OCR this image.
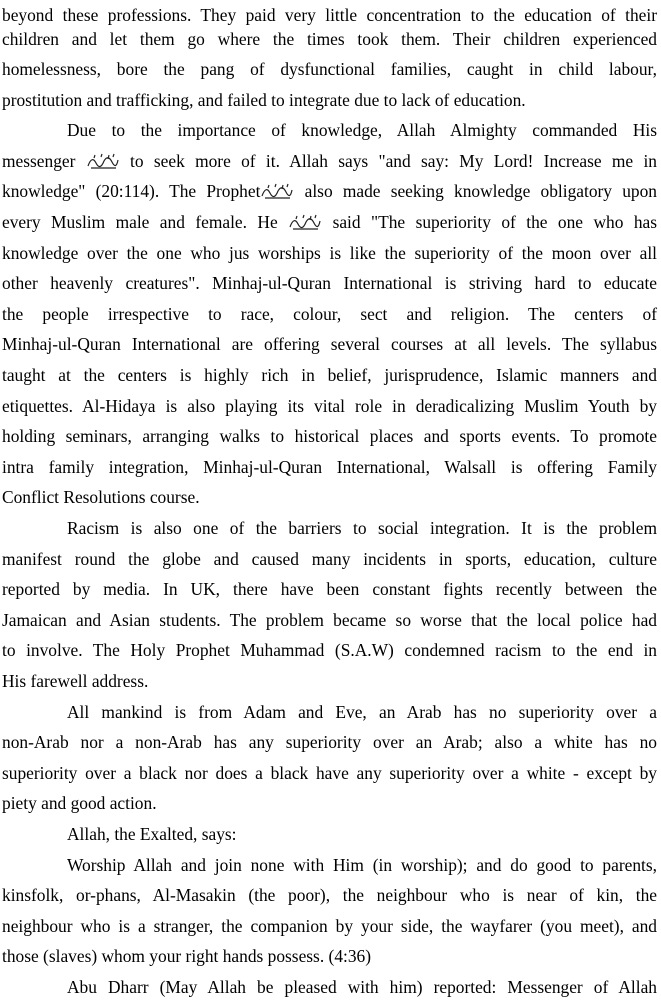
beyond these professions. They paid very little concentration to the education of their
children and let them go where the times took them. Their children experienced
homelessness, bore the pang of dysfunctional families, caught in child labour,
prostitution and trafficking, and failed to integrate due to lack of education.
Due to the importance of knowledge, Allah Almighty commanded His
messenger	to seek more of it. Allah says "and say: My Lord! Increase me in
knowledge" (20:114). The Prophet also made seeking knowledge obligatory upon
every Muslim male and female. He	said "The superiority of the one who has
knowledge over the one who jus worships is like the superiority of the moon over all
other heavenly creatures". Minhaj-ul-Quran International is striving hard to educate
the people irrespective to race, colour, sect and religion. The centers of
Minhaj-ul-Quran International are offering several courses at all levels. The syllabus
taught at the centers is highly rich in belief, jurisprudence, Islamic manners and
etiquettes. Al-Hidaya is also playing its vital role in deradicalizing Muslim Youth by
holding seminars, arranging walks to historical places and sports events. To promote
intra family integration, Minhaj-ul-Quran International, Walsall is offering Family
Conflict Resolutions course.
Racism is also one of the barriers to social integration. It is the problem
manifest round the globe and caused many incidents in sports, education, culture
reported by media. In UK, there have been constant fights recently between the
Jamaican and Asian students. The problem became so worse that the local police had
to involve. The Holy Prophet Muhammad (S.A.W) condemned racism to the end in
His farewell address.
All mankind is from Adam and Eve, an Arab has no superiority over a
non-Arab nor a non-Arab has any superiority over an Arab; also a white has no
superiority over a black nor does a black have any superiority over a white - except by
piety and good action.
Allah, the Exalted, says:
Worship Allah and join none with Him (in worship); and do good to parents,
kinsfolk, or-phans, Al-Masakin (the poor), the neighbour who is near of kin, the
neighbour who is a stranger, the companion by your side, the wayfarer (you meet), and
those (slaves) whom your right hands possess. (4:36)
Abu Dharr (May Allah be pleased with him) reported: Messenger of Allah
